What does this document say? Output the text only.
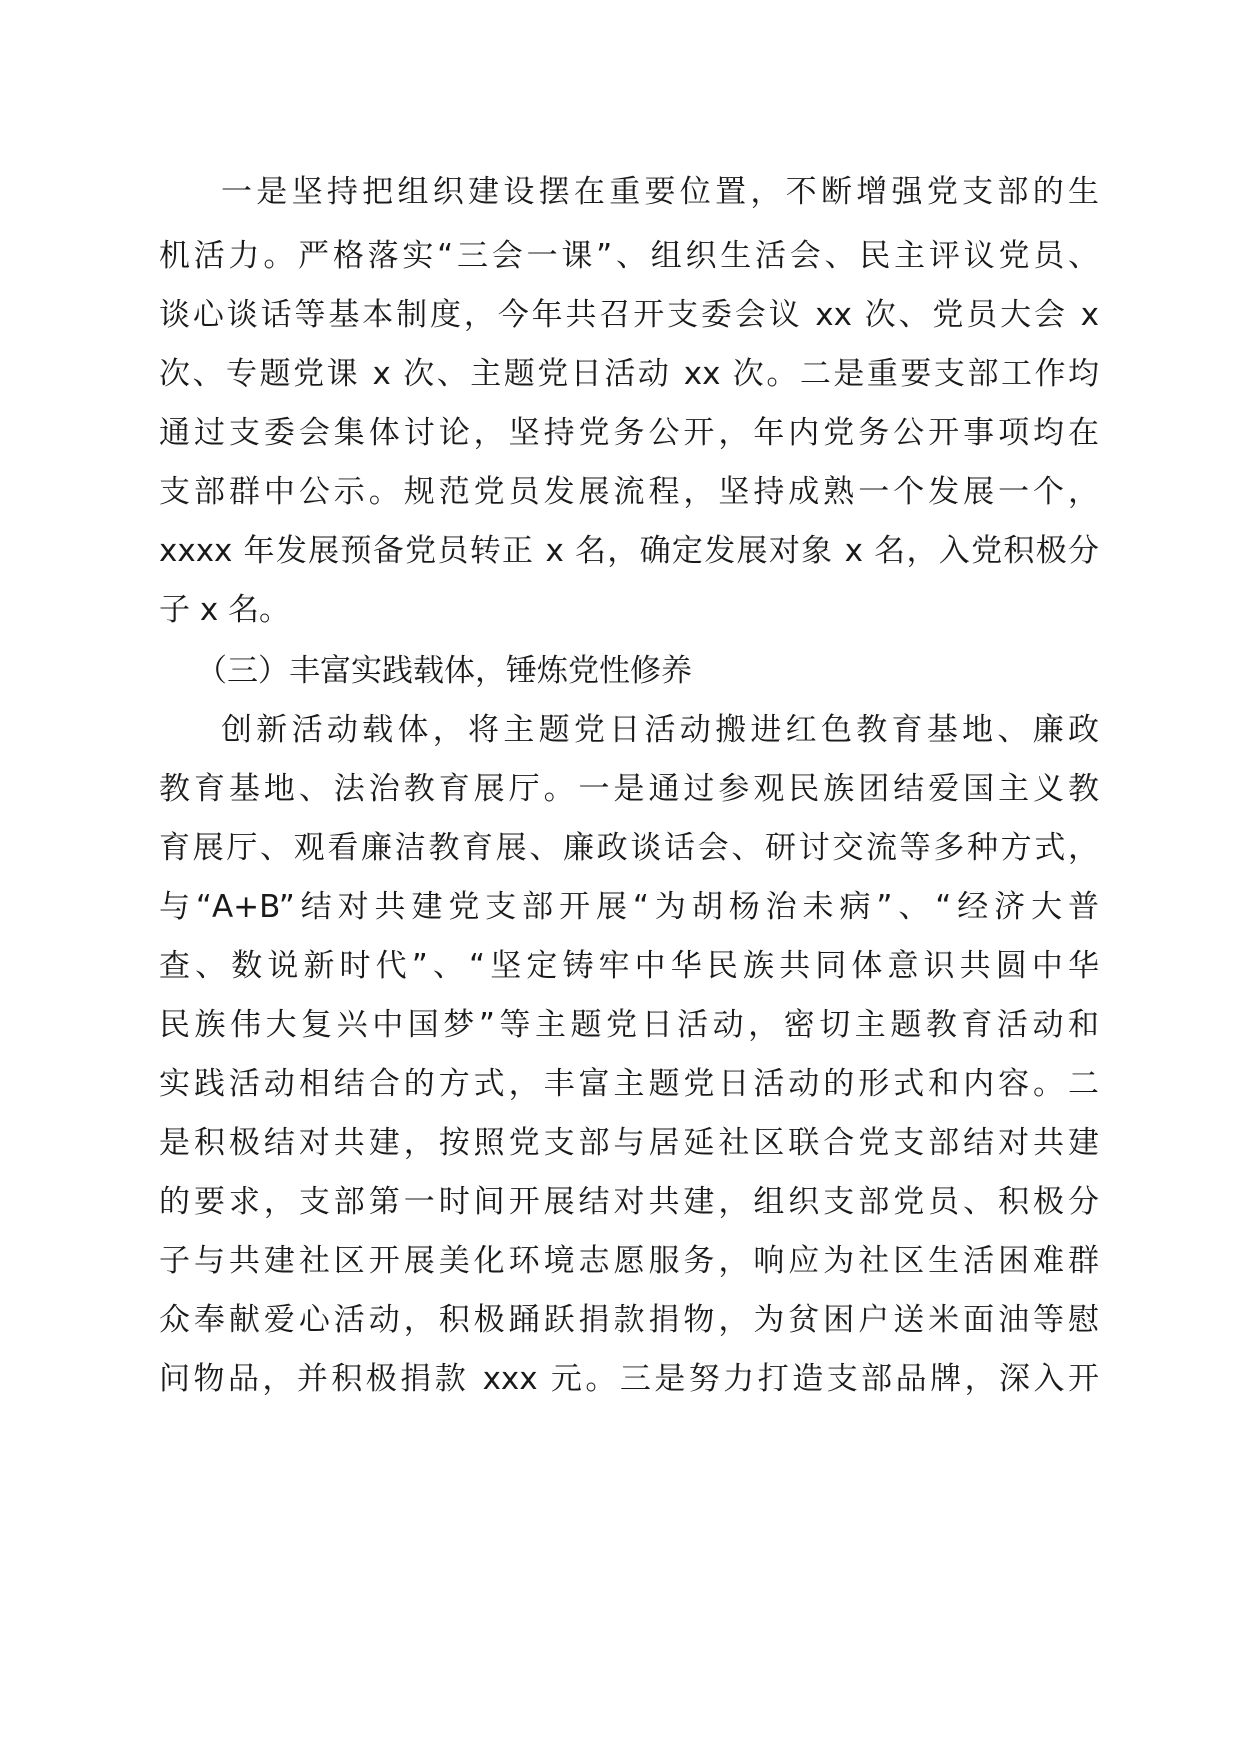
一是坚持把组织建设摆在重要位置，不断增强党支部的生
机活力。严格落实“三会一课”、组织生活会、民主评议党员、
谈心谈话等基本制度，今年共召开支委会议 xx 次、党员大会 x
次、专题党课 x 次、主题党日活动 xx 次。二是重要支部工作均
通过支委会集体讨论，坚持党务公开，年内党务公开事项均在
支部群中公示。规范党员发展流程，坚持成熟一个发展一个，
xxxx 年发展预备党员转正 x 名，确定发展对象 x 名，入党积极分
子 x 名。
（三）丰富实践载体，锤炼党性修养
创新活动载体，将主题党日活动搬进红色教育基地、廉政
教育基地、法治教育展厅。一是通过参观民族团结爱国主义教
育展厅、观看廉洁教育展、廉政谈话会、研讨交流等多种方式，
与“A+B”结对共建党支部开展“为胡杨治未病”、“经济大普
查、数说新时代”、“坚定铸牢中华民族共同体意识共圆中华
民族伟大复兴中国梦”等主题党日活动，密切主题教育活动和
实践活动相结合的方式，丰富主题党日活动的形式和内容。二
是积极结对共建，按照党支部与居延社区联合党支部结对共建
的要求，支部第一时间开展结对共建，组织支部党员、积极分
子与共建社区开展美化环境志愿服务，响应为社区生活困难群
众奉献爱心活动，积极踊跃捐款捐物，为贫困户送米面油等慰
问物品，并积极捐款 xxx 元。三是努力打造支部品牌，深入开
